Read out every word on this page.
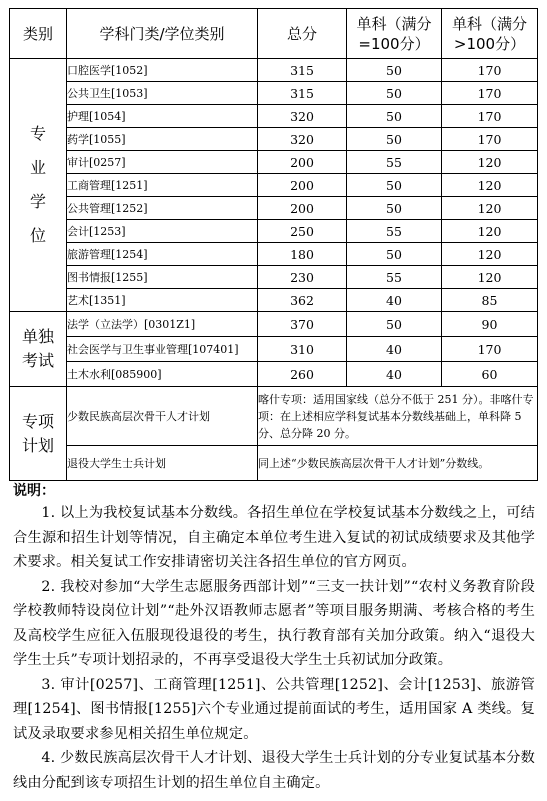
类别	学科门类/学位类别	总分	单科（满分=100分）	单科（满分>100分）

专业学位	口腔医学[1052]	315	50	170
	公共卫生[1053]	315	50	170
	护理[1054]	320	50	170
	药学[1055]	320	50	170
	审计[0257]	200	55	120
	工商管理[1251]	200	50	120
	公共管理[1252]	200	50	120
	会计[1253]	250	55	120
	旅游管理[1254]	180	50	120
	图书情报[1255]	230	55	120
	艺术[1351]	362	40	85

单独考试	法学（立法学）[0301Z1]	370	50	90
	社会医学与卫生事业管理[107401]	310	40	170
	土木水利[085900]	260	40	60

专项计划	少数民族高层次骨干人才计划	喀什专项：适用国家线（总分不低于 251 分）。非喀什专项：在上述相应学科复试基本分数线基础上，单科降 5 分、总分降 20 分。		
	退役大学生士兵计划	同上述“少数民族高层次骨干人才计划”分数线。		
说明：

1. 以上为我校复试基本分数线。各招生单位在学校复试基本分数线之上，可结合生源和招生计划等情况，自主确定本单位考生进入复试的初试成绩要求及其他学术要求。相关复试工作安排请密切关注各招生单位的官方网页。

2. 我校对参加“大学生志愿服务西部计划”“三支一扶计划”“农村义务教育阶段学校教师特设岗位计划”“赴外汉语教师志愿者”等项目服务期满、考核合格的考生及高校学生应征入伍服现役退役的考生，执行教育部有关加分政策。纳入“退役大学生士兵”专项计划招录的，不再享受退役大学生士兵初试加分政策。

3. 审计[0257]、工商管理[1251]、公共管理[1252]、会计[1253]、旅游管理[1254]、图书情报[1255]六个专业通过提前面试的考生，适用国家 A 类线。复试及录取要求参见相关招生单位规定。

4. 少数民族高层次骨干人才计划、退役大学生士兵计划的分专业复试基本分数线由分配到该专项招生计划的招生单位自主确定。
